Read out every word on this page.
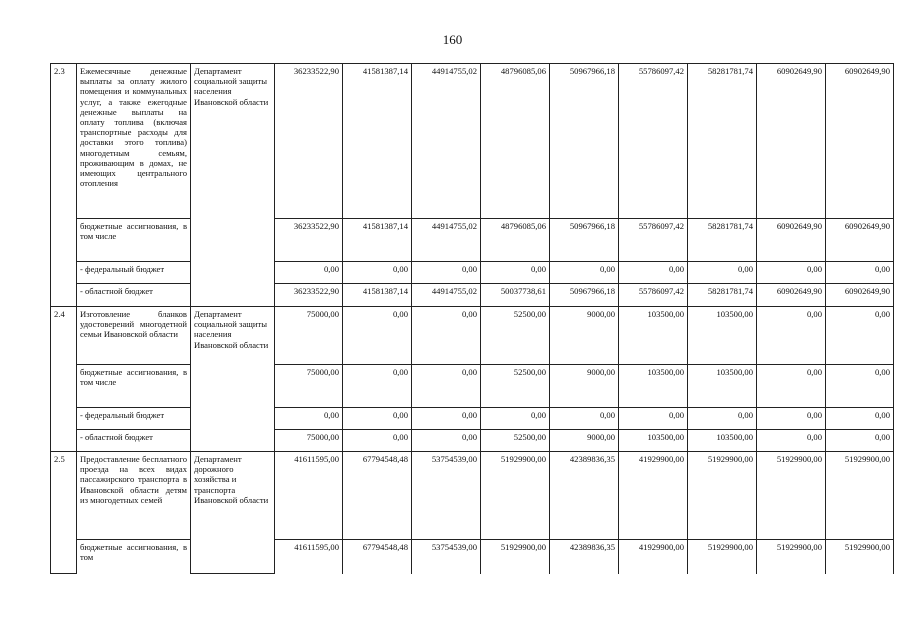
160
2.3	Ежемесячные денежные выплаты за оплату жилого помещения и коммунальных услуг, а также ежегодные денежные выплаты на оплату топлива (включая транспортные расходы для доставки этого топлива) многодетным семьям, проживающим в домах, не имеющих центрального отопления	Департамент социальной защиты населения Ивановской области	36233522,90	41581387,14	44914755,02	48796085,06	50967966,18	55786097,42	58281781,74	60902649,90	60902649,90
	бюджетные ассигнования, в том числе		36233522,90	41581387,14	44914755,02	48796085,06	50967966,18	55786097,42	58281781,74	60902649,90	60902649,90
	- федеральный бюджет		0,00	0,00	0,00	0,00	0,00	0,00	0,00	0,00	0,00
	- областной бюджет		36233522,90	41581387,14	44914755,02	50037738,61	50967966,18	55786097,42	58281781,74	60902649,90	60902649,90
2.4	Изготовление бланков удостоверений многодетной семьи Ивановской области	Департамент социальной защиты населения Ивановской области	75000,00	0,00	0,00	52500,00	9000,00	103500,00	103500,00	0,00	0,00
	бюджетные ассигнования, в том числе		75000,00	0,00	0,00	52500,00	9000,00	103500,00	103500,00	0,00	0,00
	- федеральный бюджет		0,00	0,00	0,00	0,00	0,00	0,00	0,00	0,00	0,00
	- областной бюджет		75000,00	0,00	0,00	52500,00	9000,00	103500,00	103500,00	0,00	0,00
2.5	Предоставление бесплатного проезда на всех видах пассажирского транспорта в Ивановской области детям из многодетных семей	Департамент дорожного хозяйства и транспорта Ивановской области	41611595,00	67794548,48	53754539,00	51929900,00	42389836,35	41929900,00	51929900,00	51929900,00	51929900,00
	бюджетные ассигнования, в том		41611595,00	67794548,48	53754539,00	51929900,00	42389836,35	41929900,00	51929900,00	51929900,00	51929900,00
